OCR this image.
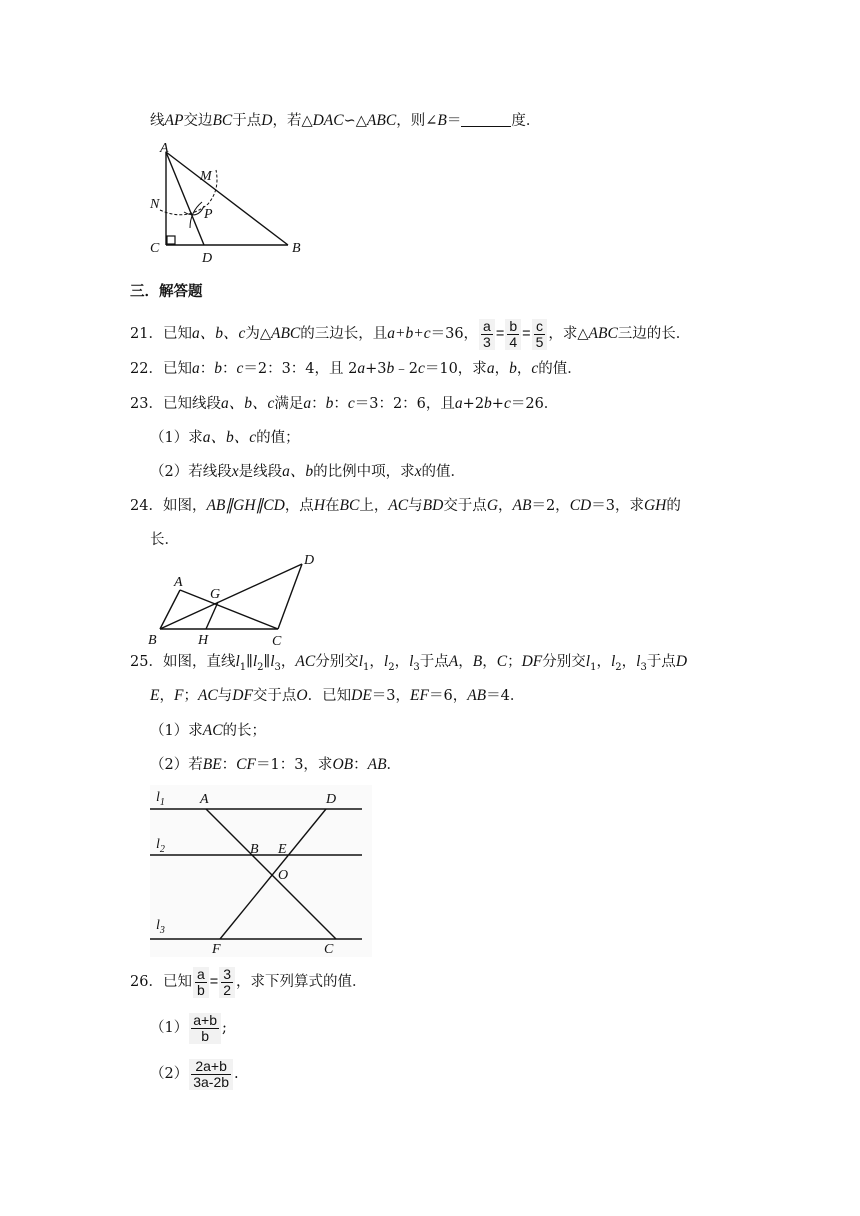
线AP交边BC于点D，若△DAC∽△ABC，则∠B＝	度．
A
M
N
P
C
D
B
三．解答题
21．已知a、b、c为△ABC的三边长，且a+b+c＝36， $\frac{a}{3} = \frac{b}{4} = \frac{c}{5}$ ，求△ABC三边的长．
22．已知a：b：c＝2：3：4，且 2a+3b﹣2c＝10，求a，b，c的值．
23．已知线段a、b、c满足a：b：c＝3：2：6，且a+2b+c＝26．
（1）求a、b、c的值；
（2）若线段x是线段a、b的比例中项，求x的值．
24．如图，AB∥GH∥CD，点H在BC上，AC与BD交于点G，AB＝2，CD＝3，求GH的
长．
A
G
D
B	H	C
25．如图，直线$l_1\parallel l_2\parallel l_3$，AC分别交$l_1$，$l_2$，$l_3$于点A，B，C；DF分别交$l_1$，$l_2$，$l_3$于点D
E，F；AC与DF交于点O．已知DE＝3，EF＝6，AB＝4．
（1）求AC的长；
（2）若BE：CF＝1：3，求OB：AB．
$l_1$
$l_2$
$l_3$
A	D
B E
O
F	C
26．已知 $\frac{a}{b} = \frac{3}{2}$ ，求下列算式的值．
$(1) \frac{a+b}{b}$ ;
$(2) \frac{2a+b}{3a-2b}$ .
